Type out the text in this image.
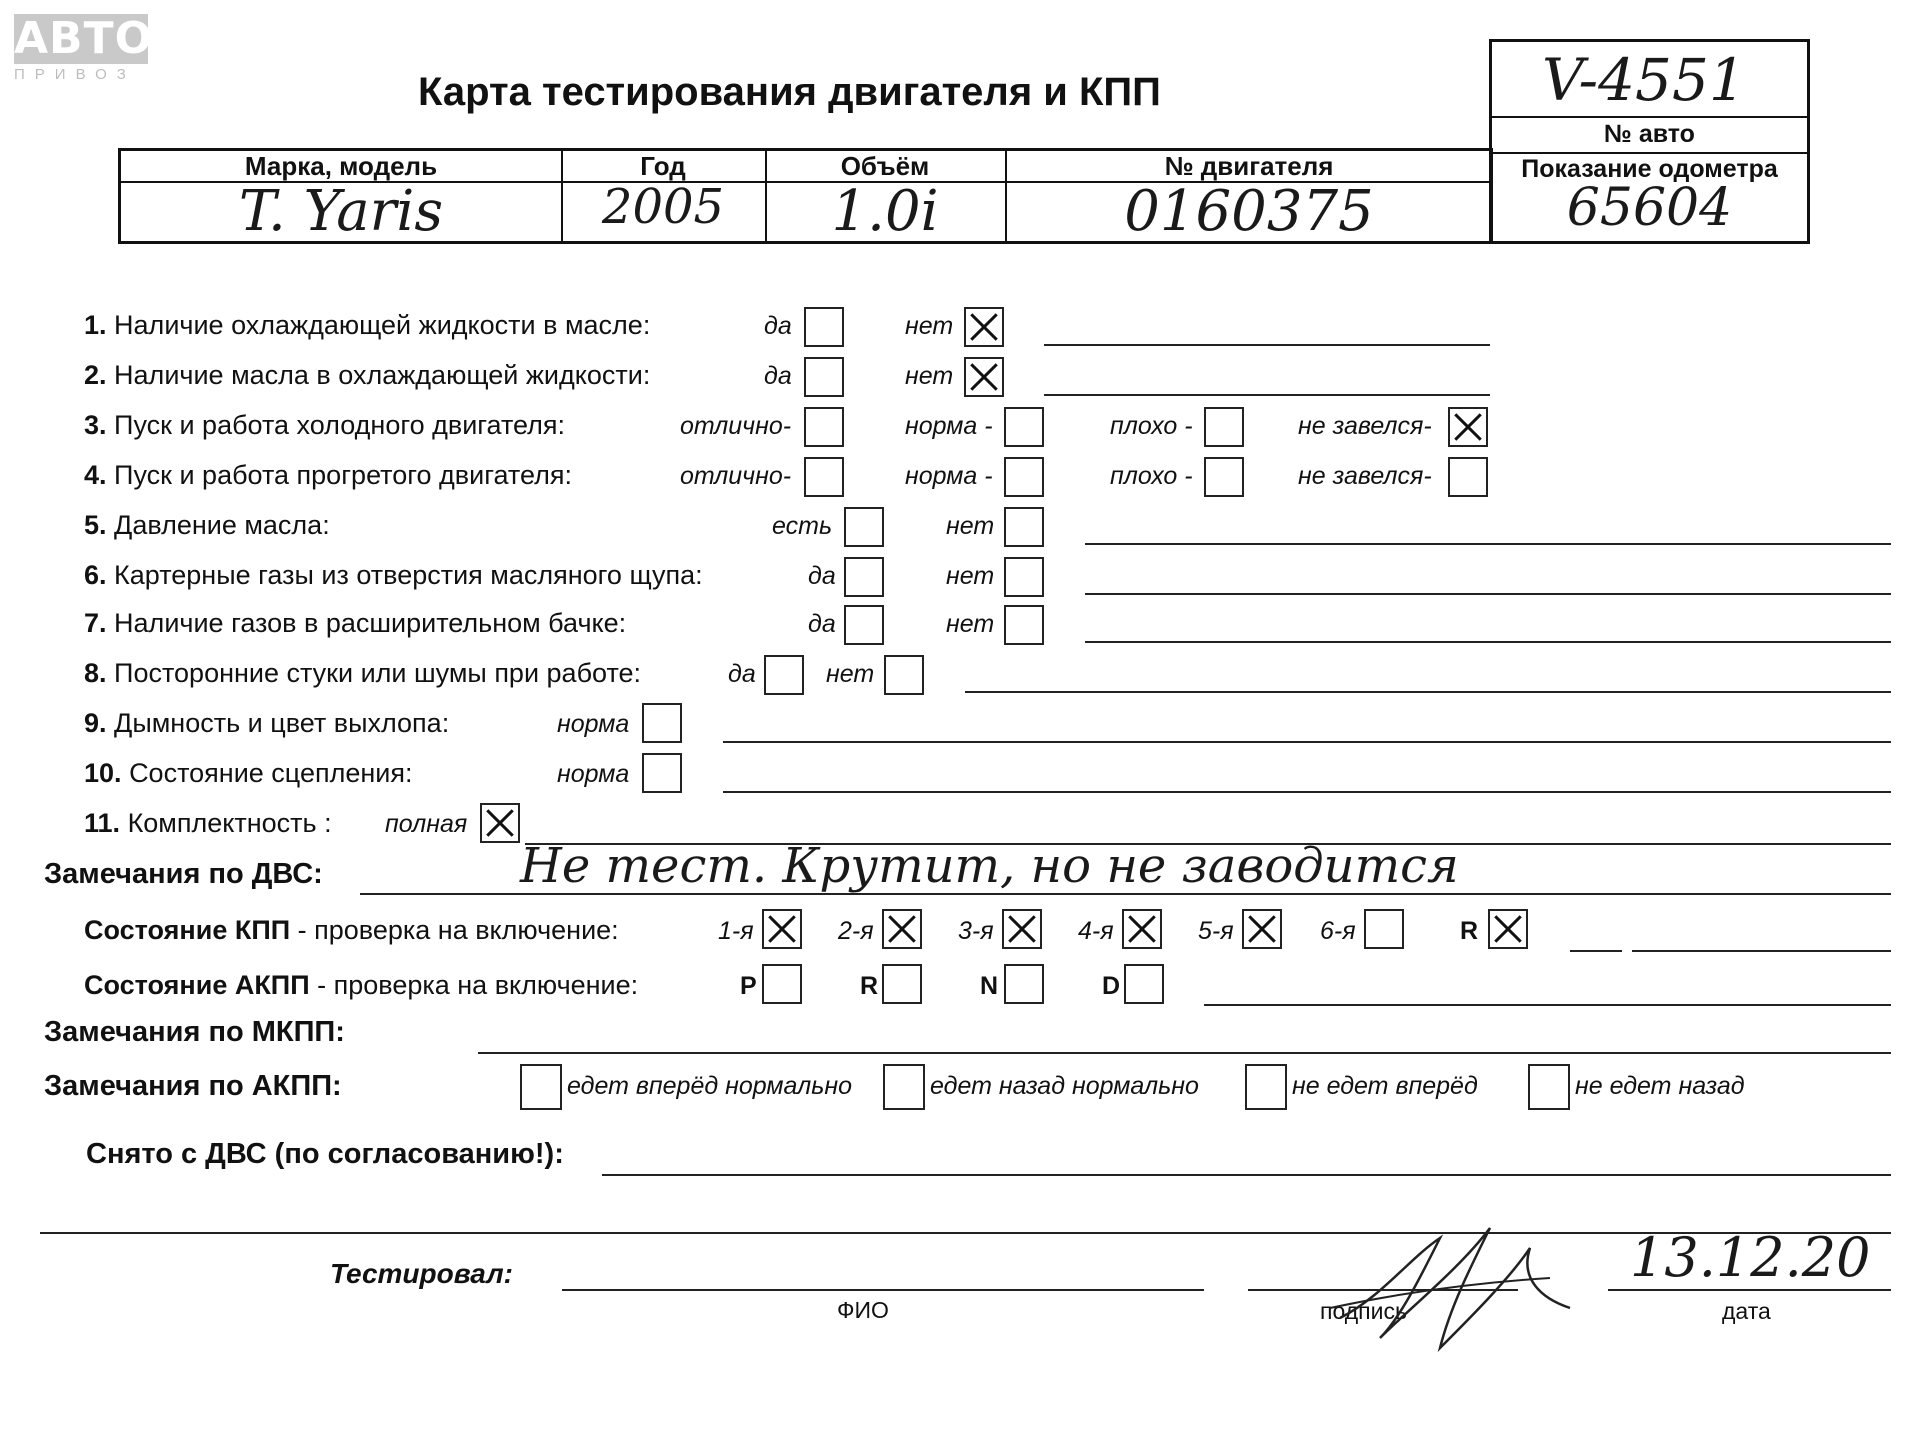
АВТО
ПРИВОЗ	Карта тестирования двигателя и КПП	V-4551
№ авто
Показание одометра
65604
Марка, модель	Год	Объём	№ двигателя
T. Yaris	2005	1.0i	0160375
1. Наличие охлаждающей жидкости в масле:	да	нет
2. Наличие масла в охлаждающей жидкости:	да	нет
3. Пуск и работа холодного двигателя:	отлично-	норма -	плохо -	не завелся-
4. Пуск и работа прогретого двигателя:	отлично-	норма -	плохо -	не завелся-
5. Давление масла:	есть	нет
6. Картерные газы из отверстия масляного щупа:	да	нет
7. Наличие газов в расширительном бачке:	да	нет
8. Посторонние стуки или шумы при работе:	да	нет
9. Дымность и цвет выхлопа:	норма
10. Состояние сцепления:	норма
11. Комплектность : полная
Замечания по ДВС:	Не тест. Крутит, но не заводится
Состояние КПП - проверка на включение:	1-я	2-я	3-я	4-я	5-я	6-я	R
Состояние АКПП - проверка на включение:	P	R	N	D
Замечания по МКПП:
Замечания по АКПП:	едет вперёд нормально	едет назад нормально	не едет вперёд	не едет назад
Снято с ДВС (по согласованию!):
Тестировал:
ФИО	подпись	дата
13.12.20
